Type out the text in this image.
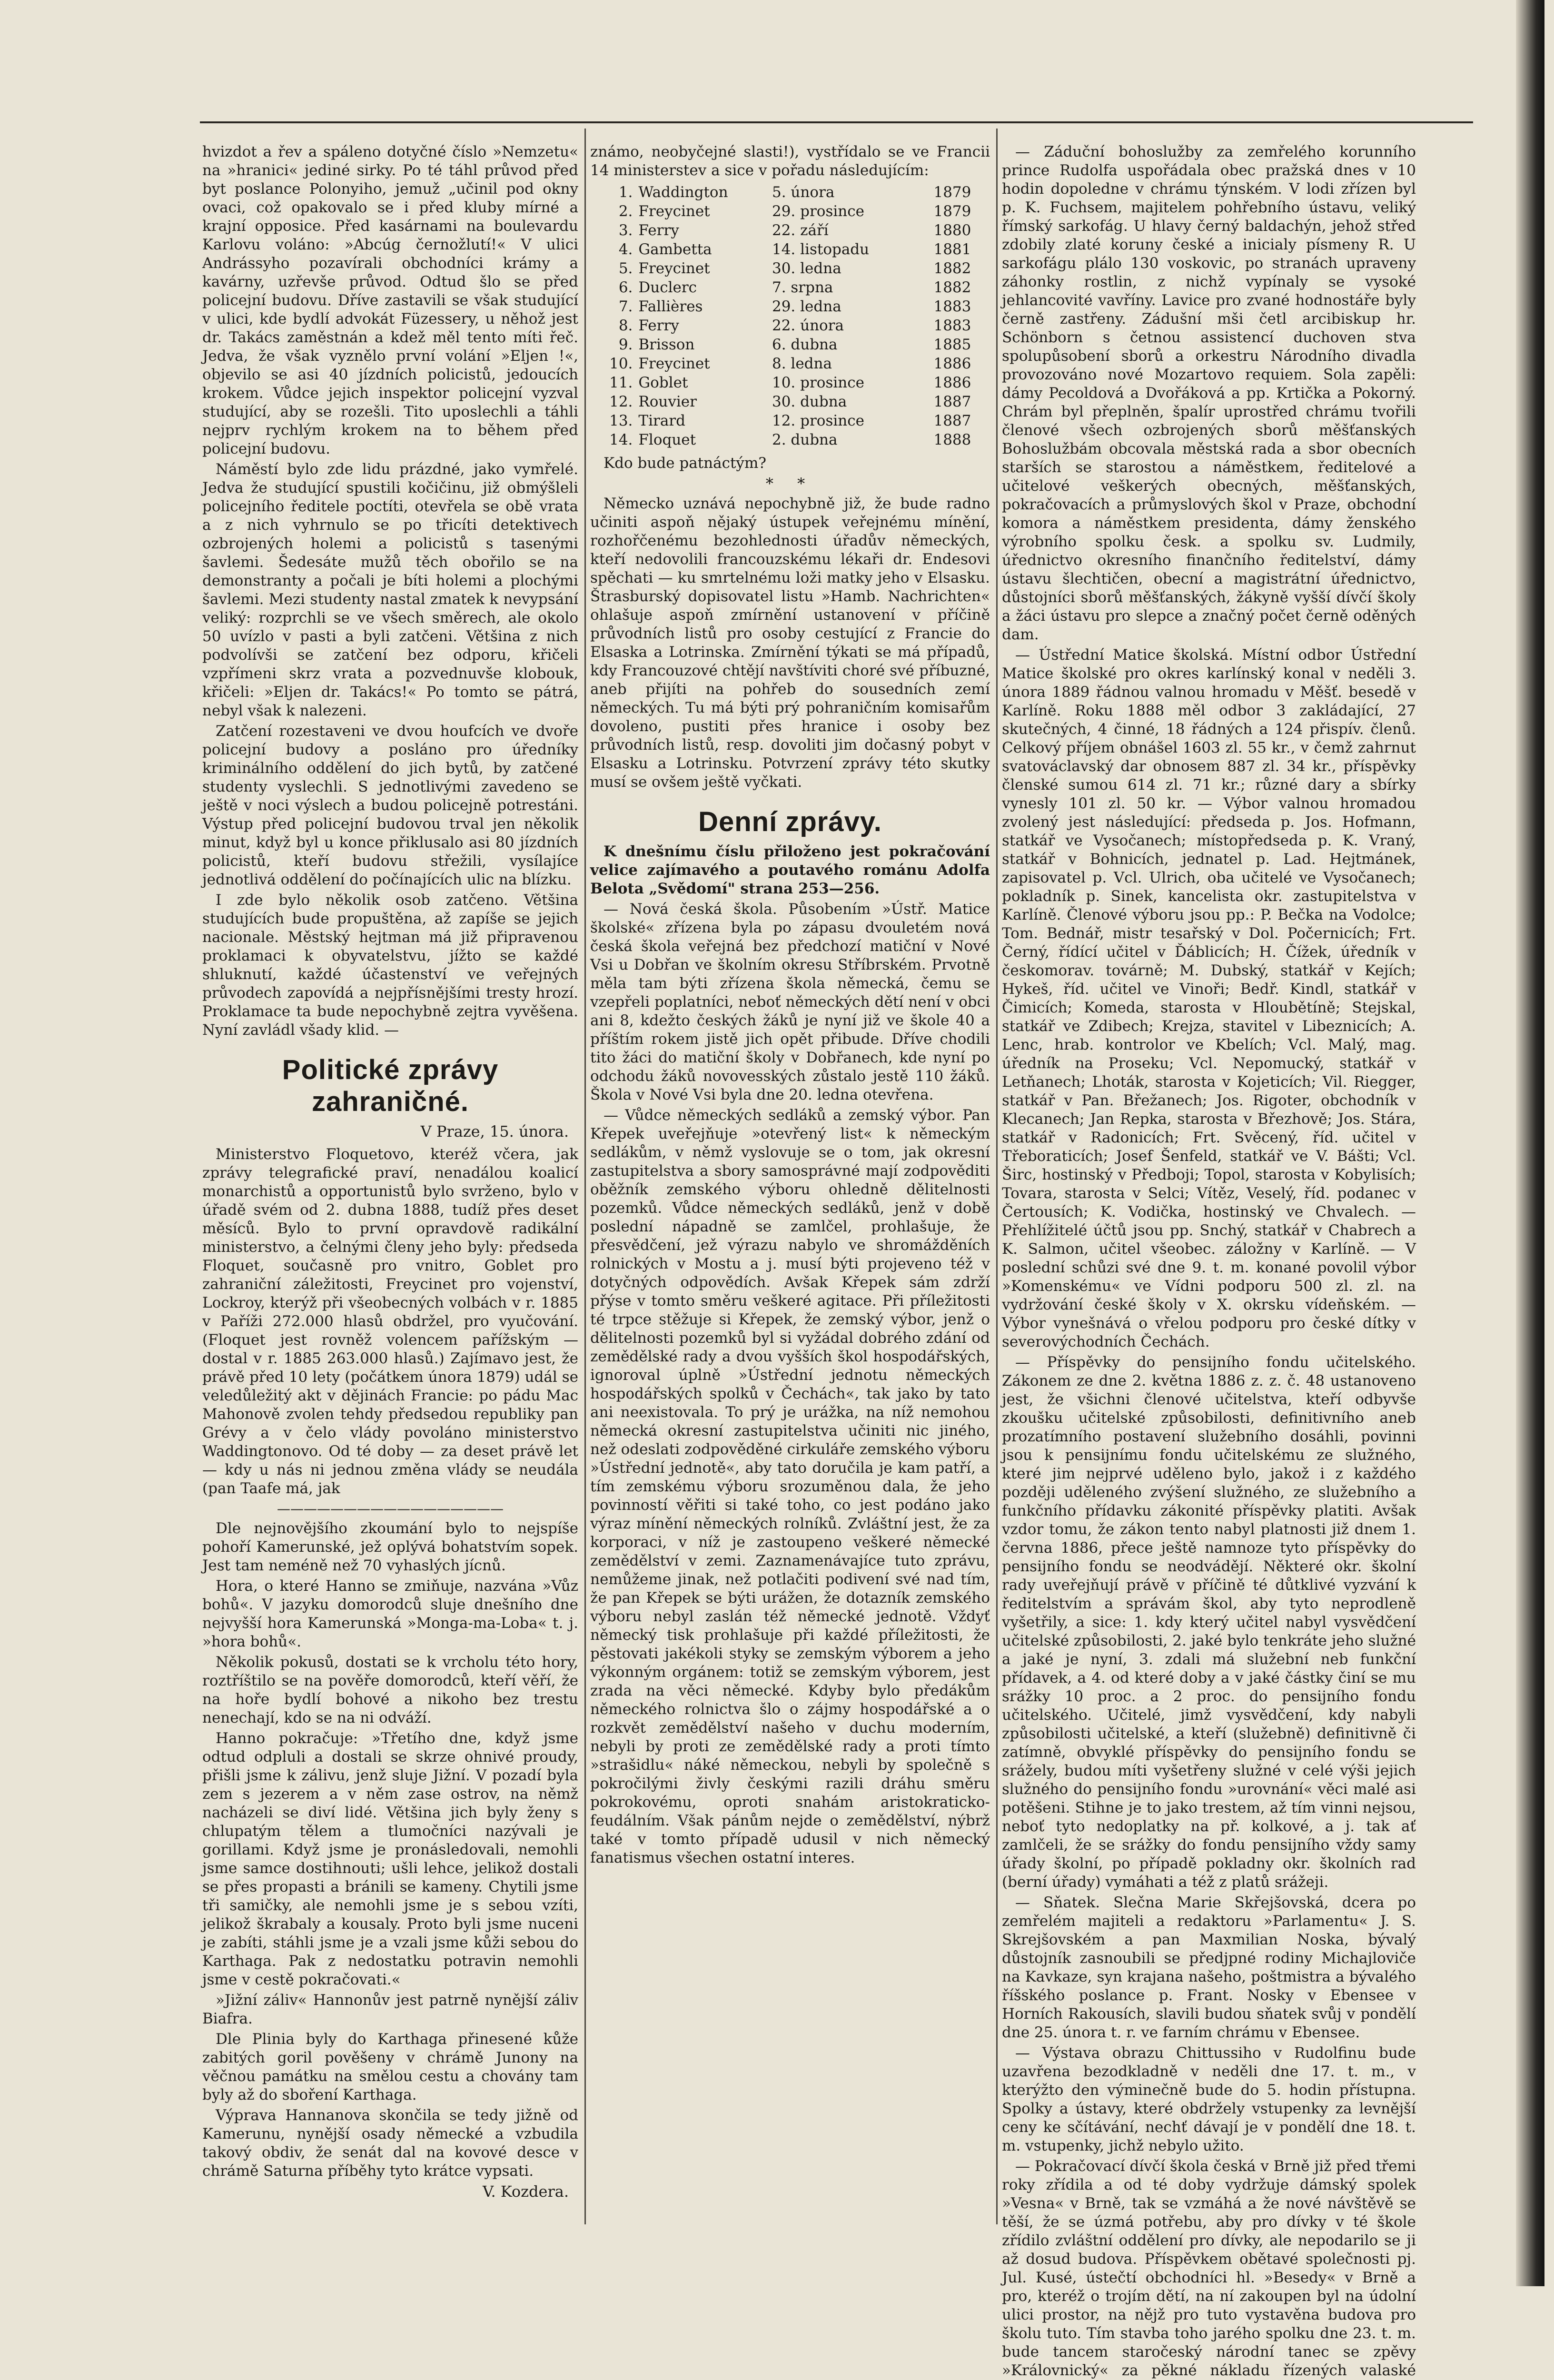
hvizdot a řev a spáleno dotyčné číslo »Nemzetu« na »hranici« jediné sirky. Po té táhl průvod před byt poslance Polonyiho, jemuž „učinil pod okny ovaci, což opakovalo se i před kluby mírné a krajní opposice. Před kasárnami na boulevardu Karlovu voláno: »Abcúg černožlutí!« V ulici Andrássyho pozavírali obchodníci krámy a kavárny, uzřevše průvod. Odtud šlo se před policejní budovu. Dříve zastavili se však studující v ulici, kde bydlí advokát Füzessery, u něhož jest dr. Takács zaměstnán a kdež měl tento míti řeč. Jedva, že však vyznělo první volání »Eljen !«, objevilo se asi 40 jízdních policistů, jedoucích krokem. Vůdce jejich inspektor policejní vyzval studující, aby se rozešli. Tito uposlechli a táhli nejprv rychlým krokem na to během před policejní budovu.

Náměstí bylo zde lidu prázdné, jako vymřelé. Jedva že studující spustili kočičinu, již obmýšleli policejního ředitele poctíti, otevřela se obě vrata a z nich vyhrnulo se po třicíti detektivech ozbrojených holemi a policistů s tasenými šavlemi. Šedesáte mužů těch obořilo se na demonstranty a počali je bíti holemi a plochými šavlemi. Mezi studenty nastal zmatek k nevypsání veliký: rozprchli se ve všech směrech, ale okolo 50 uvízlo v pasti a byli zatčeni. Většina z nich podvolívši se zatčení bez odporu, křičeli vzpřímeni skrz vrata a pozvednuvše klobouk, křičeli: »Eljen dr. Takács!« Po tomto se pátrá, nebyl však k nalezeni.

Zatčení rozestaveni ve dvou houfcích ve dvoře policejní budovy a posláno pro úředníky kriminálního oddělení do jich bytů, by zatčené studenty vyslechli. S jednotlivými zavedeno se ještě v noci výslech a budou policejně potrestáni. Výstup před policejní budovou trval jen několik minut, když byl u konce přiklusalo asi 80 jízdních policistů, kteří budovu střežili, vysílajíce jednotlivá oddělení do počínajících ulic na blízku.

I zde bylo několik osob zatčeno. Většina studujících bude propuštěna, až zapíše se jejich nacionale. Městský hejtman má již připravenou proklamaci k obyvatelstvu, jížto se každé shluknutí, každé účastenství ve veřejných průvodech zapovídá a nejpřísnějšími tresty hrozí. Proklamace ta bude nepochybně zejtra vyvěšena. Nyní zavládl všady klid. —

Politické zprávy zahraničné.
V Praze, 15. února.

Ministerstvo Floquetovo, kteréž včera, jak zprávy telegrafické praví, nenadálou koalicí monarchistů a opportunistů bylo svrženo, bylo v úřadě svém od 2. dubna 1888, tudíž přes deset měsíců. Bylo to první opravdově radikální ministerstvo, a čelnými členy jeho byly: předseda Floquet, současně pro vnitro, Goblet pro zahraniční záležitosti, Freycinet pro vojenství, Lockroy, kterýž při všeobecných volbách v r. 1885 v Paříži 272.000 hlasů obdržel, pro vyučování. (Floquet jest rovněž volencem pařížským — dostal v r. 1885 263.000 hlasů.) Zajímavo jest, že právě před 10 lety (počátkem února 1879) udál se veledůležitý akt v dějinách Francie: po pádu Mac Mahonově zvolen tehdy předsedou republiky pan Grévy a v čelo vlády povoláno ministerstvo Waddingtonovo. Od té doby — za deset právě let — kdy u nás ni jednou změna vlády se neudála (pan Taafe má, jak

—————————————————

Dle nejnovějšího zkoumání bylo to nejspíše pohoří Kamerunské, jež oplývá bohatstvím sopek. Jest tam neméně než 70 vyhaslých jícnů.

Hora, o které Hanno se zmiňuje, nazvána »Vůz bohů«. V jazyku domorodců slujе dnešního dne nejvyšší hora Kamerunská »Monga-ma-Loba« t. j. »hora bohů«.

Několik pokusů, dostati se k vrcholu této hory, roztříštilo se na pověře domorodců, kteří věří, že na hoře bydlí bohové a nikoho bez trestu nenechají, kdo se na ni odváží.

Hanno pokračuje: »Třetího dne, když jsme odtud odpluli a dostali se skrze ohnivé proudy, přišli jsme k zálivu, jenž sluje Jižní. V pozadí byla zem s jezerem a v něm zase ostrov, na němž nacházeli se diví lidé. Většina jich byly ženy s chlupatým tělem a tlumočníci nazývali je gorillami. Když jsme je pronásledovali, nemohli jsme samce dostihnouti; ušli lehce, jelikož dostali se přes propasti a bránili se kameny. Chytili jsme tři samičky, ale nemohli jsme je s sebou vzíti, jelikož škrabaly a kousaly. Proto byli jsme nuceni je zabíti, stáhli jsme je a vzali jsme kůži sebou do Karthaga. Pak z nedostatku potravin nemohli jsme v cestě pokračovati.«

»Jižní záliv« Hannonův jest patrně nynější záliv Biafra.

Dle Plinia byly do Karthaga přinesené kůže zabitých goril pověšeny v chrámě Junony na věčnou památku na smělou cestu a chovány tam byly až do sboření Karthaga.

Výprava Hannanova skončila se tedy jižně od Kamerunu, nynější osady německé a vzbudila takový obdiv, že senát dal na kovové desce v chrámě Saturna příběhy tyto krátce vypsati.

V. Kozdera.

známo, neobyčejné slasti!), vystřídalo se ve Francii 14 ministerstev a sice v pořadu následujícím:

1.	Waddington	5. února	1879
2.	Freycinet	29. prosince	1879
3.	Ferry	22. září	1880
4.	Gambetta	14. listopadu	1881
5.	Freycinet	30. ledna	1882
6.	Duclerc	7. srpna	1882
7.	Fallières	29. ledna	1883
8.	Ferry	22. února	1883
9.	Brisson	6. dubna	1885
10.	Freycinet	8. ledna	1886
11.	Goblet	10. prosince	1886
12.	Rouvier	30. dubna	1887
13.	Tirard	12. prosince	1887
14.	Floquet	2. dubna	1888

Kdo bude patnáctým?

* *

Německo uznává nepochybně již, že bude radno učiniti aspoň nějaký ústupek veřejnému mínění, rozhořčenému bezohlednosti úřadův německých, kteří nedovolili francouzskému lékaři dr. Endesovi spěchati — ku smrtelnému loži matky jeho v Elsasku. Štrasburský dopisovatel listu »Hamb. Nachrichten« ohlašuje aspoň zmírnění ustanovení v příčině průvodních listů pro osoby cestující z Francie do Elsaska a Lotrinska. Zmírnění týkati se má případů, kdy Francouzové chtějí navštíviti choré své příbuzné, aneb přijíti na pohřeb do sousedních zemí německých. Tu má býti prý pohraničním komisařům dovoleno, pustiti přes hranice i osoby bez průvodních listů, resp. dovoliti jim dočasný pobyt v Elsasku a Lotrinsku. Potvrzení zprávy této skutky musí se ovšem ještě vyčkati.

Denní zprávy.

K dnešnímu číslu přiloženo jest pokračování velice zajímavého a poutavého románu Adolfa Belota „Svědomí" strana 253—256.

— Nová česká škola. Působením »Ústř. Matice školské« zřízena byla po zápasu dvouletém nová česká škola veřejná bez předchozí matiční v Nové Vsi u Dobřan ve školním okresu Stříbrském. Prvotně měla tam býti zřízena škola německá, čemu se vzepřeli poplatníci, neboť německých dětí není v obci ani 8, kdežto českých žáků je nyní již ve škole 40 a příštím rokem jistě jich opět přibude. Dříve chodili tito žáci do matiční školy v Dobřanech, kde nyní po odchodu žáků novovesských zůstalo jestě 110 žáků. Škola v Nové Vsi byla dne 20. ledna otevřena.

— Vůdce německých sedláků a zemský výbor. Pan Křepek uveřejňuje »otevřený list« k německým sedlákům, v němž vyslovuje se o tom, jak okresní zastupitelstva a sbory samosprávné mají zodpověditi oběžník zemského výboru ohledně dělitelnosti pozemků. Vůdce německých sedláků, jenž v době poslední nápadně se zamlčel, prohlašuje, že přesvědčení, jež výrazu nabylo ve shromážděních rolnických v Mostu a j. musí býti projeveno též v dotyčných odpovědích. Avšak Křepek sám zdrží přýse v tomto směru veškeré agitace. Při příležitosti té trpce stěžuje si Křepek, že zemský výbor, jenž o dělitelnosti pozemků byl si vyžádal dobrého zdání od zemědělské rady a dvou vyšších škol hospodářských, ignoroval úplně »Ústřední jednotu německých hospodářských spolků v Čechách«, tak jako by tato ani neexistovala. To prý je urážka, na níž nemohou německá okresní zastupitelstva učiniti nic jiného, než odeslati zodpověděné cirkuláře zemského výboru »Ústřední jednotě«, aby tato doručila je kam patří, a tím zemskému výboru srozuměnou dala, že jeho povinností věřiti si také toho, co jest podáno jako výraz mínění německých rolníků. Zvláštní jest, že za korporaci, v níž je zastoupeno veškeré německé zemědělství v zemi. Zaznamenávajíce tuto zprávu, nemůžeme jinak, než potlačiti podivení své nad tím, že pan Křepek se býti urážen, že dotazník zemského výboru nebyl zaslán též německé jednotě. Vždyť německý tisk prohlašuje při každé příležitosti, že pěstovati jakékoli styky se zemským výborem a jeho výkonným orgánem: totiž se zemským výborem, jest zrada na věci německé. Kdyby bylo předákům německého rolnictva šlo o zájmy hospodářské a o rozkvět zemědělství našeho v duchu moderním, nebyli by proti ze zemědělské rady a proti tímto »strašidlu« náké německou, nebyli by společně s pokročilými živly českými razili dráhu směru pokrokovému, oproti snahám aristokraticko-feudálním. Však pánům nejde o zemědělství, nýbrž také v tomto případě udusil v nich německý fanatismus všechen ostatní interes.

— Záduční bohoslužby za zemřelého korunního prince Rudolfa uspořádala obec pražská dnes v 10 hodin dopoledne v chrámu týnském. V lodi zřízen byl p. K. Fuchsem, majitelem pohřebního ústavu, veliký římský sarkofág. U hlavy černý baldachýn, jehož střed zdobily zlaté koruny české a inicialy písmeny R. U sarkofágu plálo 130 voskovic, po stranách upraveny záhonky rostlin, z nichž vypínaly se vysoké jehlancovité vavříny. Lavice pro zvané hodnostáře byly černě zastřeny. Zádušní mši četl arcibiskup hr. Schönborn s četnou assistencí duchoven stva spolupůsobení sborů a orkestru Národního divadla provozováno nové Mozartovo requiem. Sola zapěli: dámy Pecoldová a Dvořáková a pp. Krtička a Pokorný. Chrám byl přeplněn, špalír uprostřed chrámu tvořili členové všech ozbrojených sborů měšťanských Bohoslužbám obcovala městská rada a sbor obecních starších se starostou a náměstkem, ředitelové a učitelové veškerých obecných, měšťanských, pokračovacích a průmyslových škol v Praze, obchodní komora a náměstkem presidenta, dámy ženského výrobního spolku česk. a spolku sv. Ludmily, úřednictvo okresního finančního ředitelství, dámy ústavu šlechtičen, obecní a magistrátní úřednictvo, důstojníci sborů měšťanských, žákyně vyšší dívčí školy a žáci ústavu pro slepce a značný počet černě oděných dam.

— Ústřední Matice školská. Místní odbor Ústřední Matice školské pro okres karlínský konal v neděli 3. února 1889 řádnou valnou hromadu v Měšť. besedě v Karlíně. Roku 1888 měl odbor 3 zakládající, 27 skutečných, 4 činné, 18 řádných a 124 přispív. členů. Celkový příjem obnášel 1603 zl. 55 kr., v čemž zahrnut svatováclavský dar obnosem 887 zl. 34 kr., příspěvky členské sumou 614 zl. 71 kr.; různé dary a sbírky vynesly 101 zl. 50 kr. — Výbor valnou hromadou zvolený jest následující: předseda p. Jos. Hofmann, statkář ve Vysočanech; místopředseda p. K. Vraný, statkář v Bohnicích, jednatel p. Lad. Hejtmánek, zapisovatel p. Vcl. Ulrich, oba učitelé ve Vysočanech; pokladník p. Sinek, kancelista okr. zastupitelstva v Karlíně. Členové výboru jsou pp.: P. Bečka na Vodolce; Tom. Bednář, mistr tesařský v Dol. Počernicích; Frt. Černý, řídící učitel v Ďáblicích; H. Čížek, úředník v českomorav. továrně; M. Dubský, statkář v Kejích; Hykeš, říd. učitel ve Vinoři; Bedř. Kindl, statkář v Čimicích; Komeda, starosta v Hloubětíně; Stejskal, statkář ve Zdibech; Krejza, stavitel v Libeznicích; A. Lenc, hrab. kontrolor ve Kbelích; Vcl. Malý, mag. úředník na Proseku; Vcl. Nepomucký, statkář v Letňanech; Lhoták, starosta v Kojeticích; Vil. Riegger, statkář v Pan. Břežanech; Jos. Rigoter, obchodník v Klecanech; Jan Repka, starosta v Březhově; Jos. Stára, statkář v Radonicích; Frt. Svěcený, říd. učitel v Třeboraticích; Josef Šenfeld, statkář ve V. Bášti; Vcl. Širc, hostinský v Předboji; Topol, starosta v Kobylisích; Tovara, starosta v Selci; Vítěz, Veselý, říd. podanec v Čertousích; K. Vodička, hostinský ve Chvalech. — Přehlížitelé účtů jsou pp. Snchý, statkář v Chabrech a K. Salmon, učitel všeobec. záložny v Karlíně. — V poslední schůzi své dne 9. t. m. konané povolil výbor »Komenskému« ve Vídni podporu 500 zl. zl. na vydržování české školy v X. okrsku vídeňském. — Výbor vynešnává o vřelou podporu pro české dítky v severovýchodních Čechách.

— Příspěvky do pensijního fondu učitelského. Zákonem ze dne 2. května 1886 z. z. č. 48 ustanoveno jest, že všichni členové učitelstva, kteří odbyvše zkoušku učitelské způsobilosti, definitivního aneb prozatímního postavení služebního dosáhli, povinni jsou k pensijnímu fondu učitelskému ze služného, které jim nejprvé uděleno bylo, jakož i z každého později uděleného zvýšení služného, ze služebního a funkčního přídavku zákonité příspěvky platiti. Avšak vzdor tomu, že zákon tento nabyl platnosti již dnem 1. června 1886, přece ještě namnoze tyto příspěvky do pensijního fondu se neodvádějí. Některé okr. školní rady uveřejňují právě v příčině té důtklivé vyzvání k ředitelstvím a správám škol, aby tyto neprodleně vyšetřily, a sice: 1. kdy který učitel nabyl vysvědčení učitelské způsobilosti, 2. jaké bylo tenkráte jeho služné a jaké je nyní, 3. zdali má služební neb funkční přídavek, a 4. od které doby a v jaké částky činí se mu srážky 10 proc. a 2 proc. do pensijního fondu učitelského. Učitelé, jimž vysvědčení, kdy nabyli způsobilosti učitelské, a kteří (služebně) definitivně či zatímně, obvyklé příspěvky do pensijního fondu se srážely, budou míti vyšetřeny služné v celé výši jejich služného do pensijního fondu »urovnání« věci malé asi potěšeni. Stihne je to jako trestem, až tím vinni nejsou, neboť tyto nedoplatky na př. kolkové, a j. tak ať zamlčeli, že se srážky do fondu pensijního vždy samy úřady školní, po případě pokladny okr. školních rad (berní úřady) vymáhati a též z platů srážeji.

— Sňatek. Slečna Marie Skřejšovská, dcera po zemřelém majiteli a redaktoru »Parlamentu« J. S. Skrejšovském a pan Maxmilian Noska, bývalý důstojník zasnoubili se předjpné rodiny Michajloviče na Kavkaze, syn krajana našeho, poštmistra a bývalého říšského poslance p. Frant. Nosky v Ebensee v Horních Rakousích, slavili budou sňatek svůj v pondělí dne 25. února t. r. ve farním chrámu v Ebensee.

— Výstava obrazu Chittussiho v Rudolfinu bude uzavřena bezodkladně v neděli dne 17. t. m., v kterýžto den výminečně bude do 5. hodin přístupna. Spolky a ústavy, které obdržely vstupenky za levnější ceny ke sčítávání, nechť dávají je v pondělí dne 18. t. m. vstupenky, jichž nebylo užito.

— Pokračovací dívčí škola česká v Brně již před třemi roky zřídila a od té doby vydržuje dámský spolek »Vesna« v Brně, tak se vzmáhá a že nové návštěvě se těší, že se úzmá potřebu, aby pro dívky v té škole zřídilo zvláštní oddělení pro dívky, ale nepodarilo se ji až dosud budova. Příspěvkem obětavé společnosti pj. Jul. Kusé, ústečtí obchodníci hl. »Besedy« v Brně a pro, kteréž o trojím dětí, na ní zakoupen byl na údolní ulici prostor, na nějž pro tuto vystavěna budova pro školu tuto. Tím stavba toho jarého spolku dne 23. t. m. bude tancem staročeský národní tanec se zpěvy »Královnický« za pěkné nákladu řízených valaské
